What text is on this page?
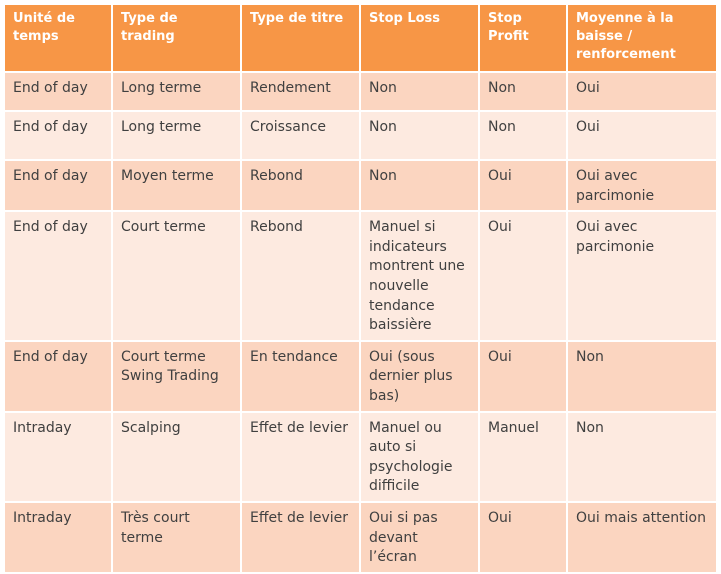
Unité de temps	Type de trading	Type de titre	Stop Loss	Stop Profit	Moyenne à la baisse / renforcement
End of day	Long terme	Rendement	Non	Non	Oui
End of day	Long terme	Croissance	Non	Non	Oui
End of day	Moyen terme	Rebond	Non	Oui	Oui avec parcimonie
End of day	Court terme	Rebond	Manuel si indicateurs montrent une nouvelle tendance baissière	Oui	Oui avec parcimonie
End of day	Court terme Swing Trading	En tendance	Oui (sous dernier plus bas)	Oui	Non
Intraday	Scalping	Effet de levier	Manuel ou auto si psychologie difficile	Manuel	Non
Intraday	Très court terme	Effet de levier	Oui si pas devant l’écran	Oui	Oui mais attention
